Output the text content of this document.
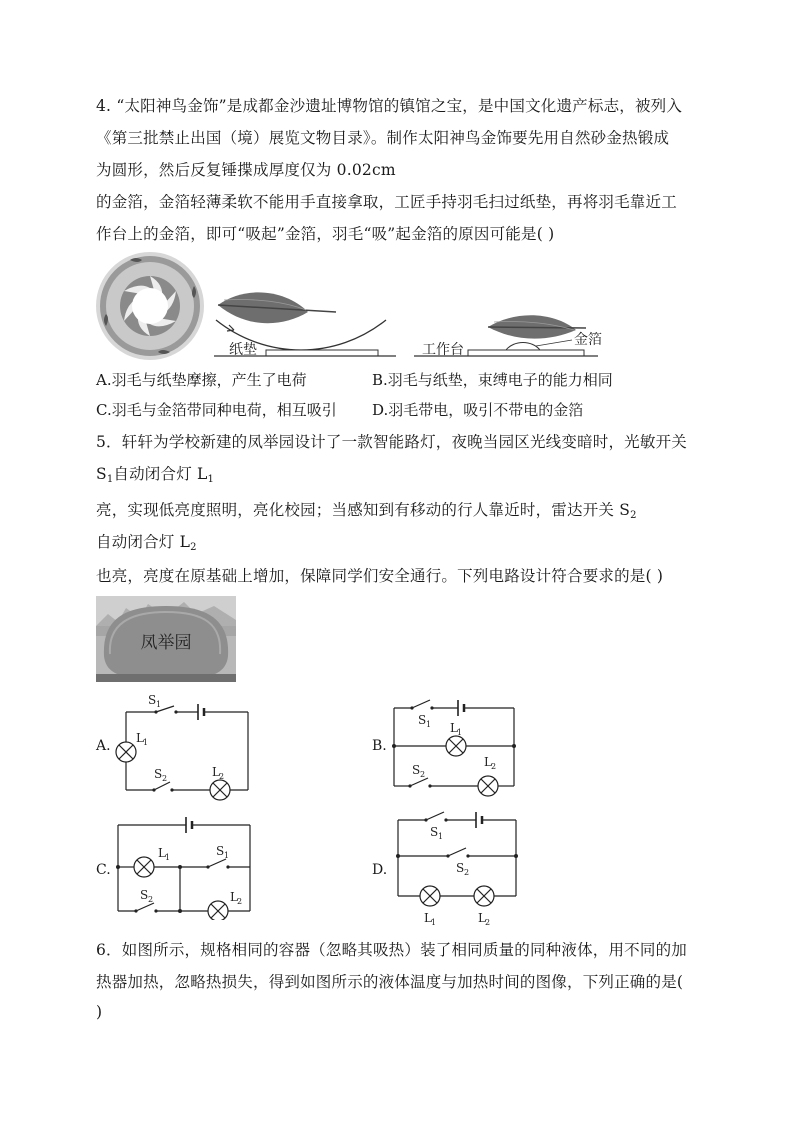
4. “太阳神鸟金饰”是成都金沙遗址博物馆的镇馆之宝，是中国文化遗产标志，被列入
《第三批禁止出国（境）展览文物目录》。制作太阳神鸟金饰要先用自然砂金热锻成
为圆形，然后反复锤揲成厚度仅为 0.02cm
的金箔，金箔轻薄柔软不能用手直接拿取，工匠手持羽毛扫过纸垫，再将羽毛靠近工
作台上的金箔，即可“吸起”金箔，羽毛“吸”起金箔的原因可能是( )
纸垫	工作台
金箔
A.羽毛与纸垫摩擦，产生了电荷	B.羽毛与纸垫，束缚电子的能力相同
C.羽毛与金箔带同种电荷，相互吸引 D.羽毛带电，吸引不带电的金箔
5．轩轩为学校新建的凤举园设计了一款智能路灯，夜晚当园区光线变暗时，光敏开关
$S_1$自动闭合灯 $L_1$
亮，实现低亮度照明，亮化校园；当感知到有移动的行人靠近时，雷达开关 $S_2$
自动闭合灯 $L_2$
也亮，亮度在原基础上增加，保障同学们安全通行。下列电路设计符合要求的是( )
凤举园
A.
S 1
L 1
S 2	L 2
B.
S 1 L 1
S 2
L 2
C.
L 1	S 1
S 2	L 2
D.
S 1
S 2
L 1	L 2
6．如图所示，规格相同的容器（忽略其吸热）装了相同质量的同种液体，用不同的加
热器加热，忽略热损失，得到如图所示的液体温度与加热时间的图像，下列正确的是(
)
